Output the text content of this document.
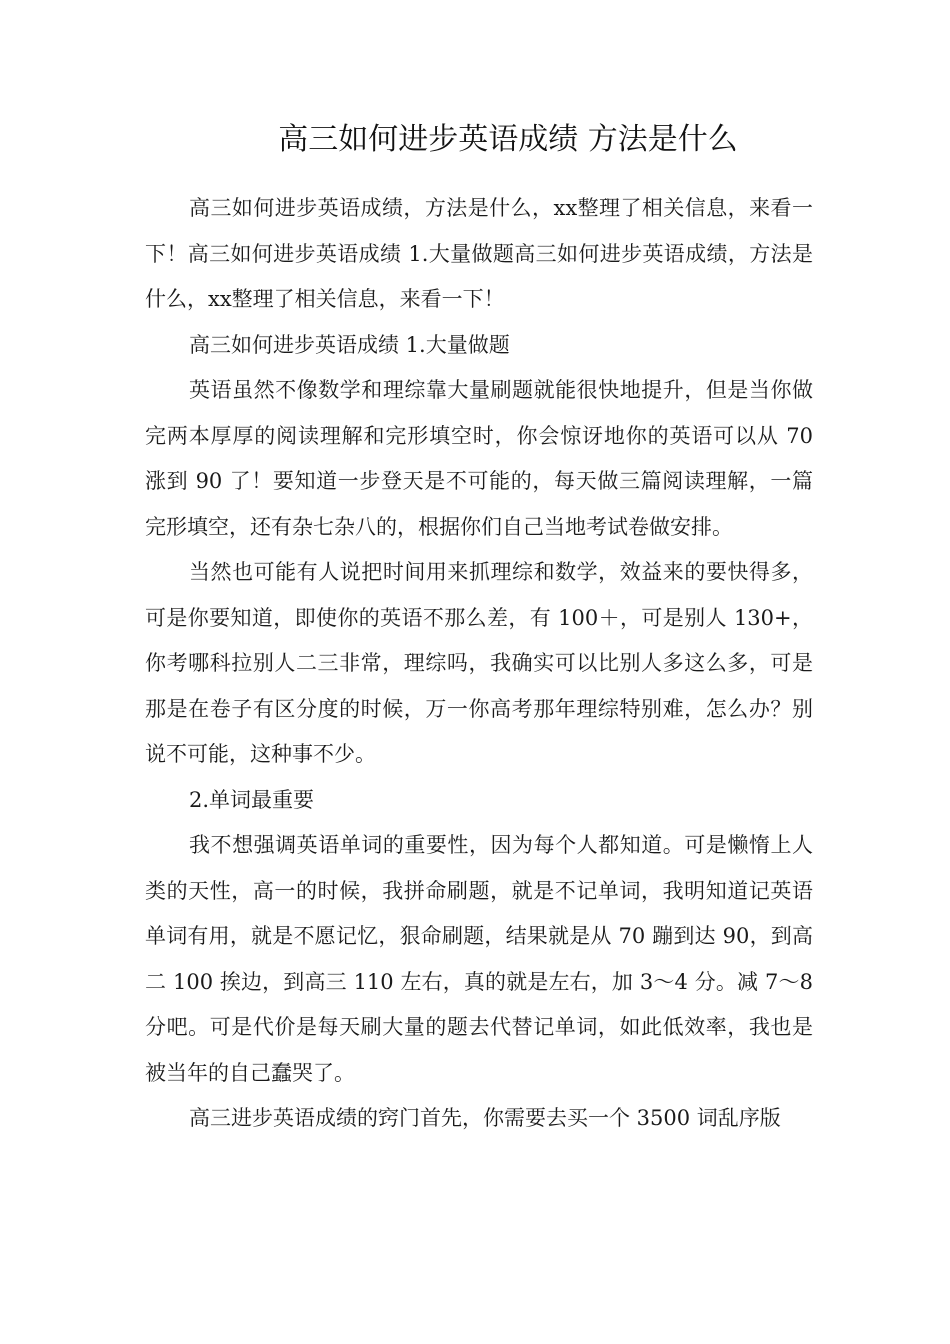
高三如何进步英语成绩 方法是什么

高三如何进步英语成绩，方法是什么，xx整理了相关信息，来看一下！高三如何进步英语成绩 1.大量做题高三如何进步英语成绩，方法是什么，xx整理了相关信息，来看一下！

高三如何进步英语成绩 1.大量做题

英语虽然不像数学和理综靠大量刷题就能很快地提升，但是当你做完两本厚厚的阅读理解和完形填空时，你会惊讶地你的英语可以从 70 涨到 90 了！要知道一步登天是不可能的，每天做三篇阅读理解，一篇完形填空，还有杂七杂八的，根据你们自己当地考试卷做安排。

当然也可能有人说把时间用来抓理综和数学，效益来的要快得多，可是你要知道，即使你的英语不那么差，有 100＋，可是别人 130+，你考哪科拉别人二三非常，理综吗，我确实可以比别人多这么多，可是那是在卷子有区分度的时候，万一你高考那年理综特别难，怎么办？别说不可能，这种事不少。

2.单词最重要

我不想强调英语单词的重要性，因为每个人都知道。可是懒惰上人类的天性，高一的时候，我拼命刷题，就是不记单词，我明知道记英语单词有用，就是不愿记忆，狠命刷题，结果就是从 70 蹦到达 90，到高二 100 挨边，到高三 110 左右，真的就是左右，加 3～4 分。减 7～8 分吧。可是代价是每天刷大量的题去代替记单词，如此低效率，我也是被当年的自己蠢哭了。

高三进步英语成绩的窍门首先，你需要去买一个 3500 词乱序版
